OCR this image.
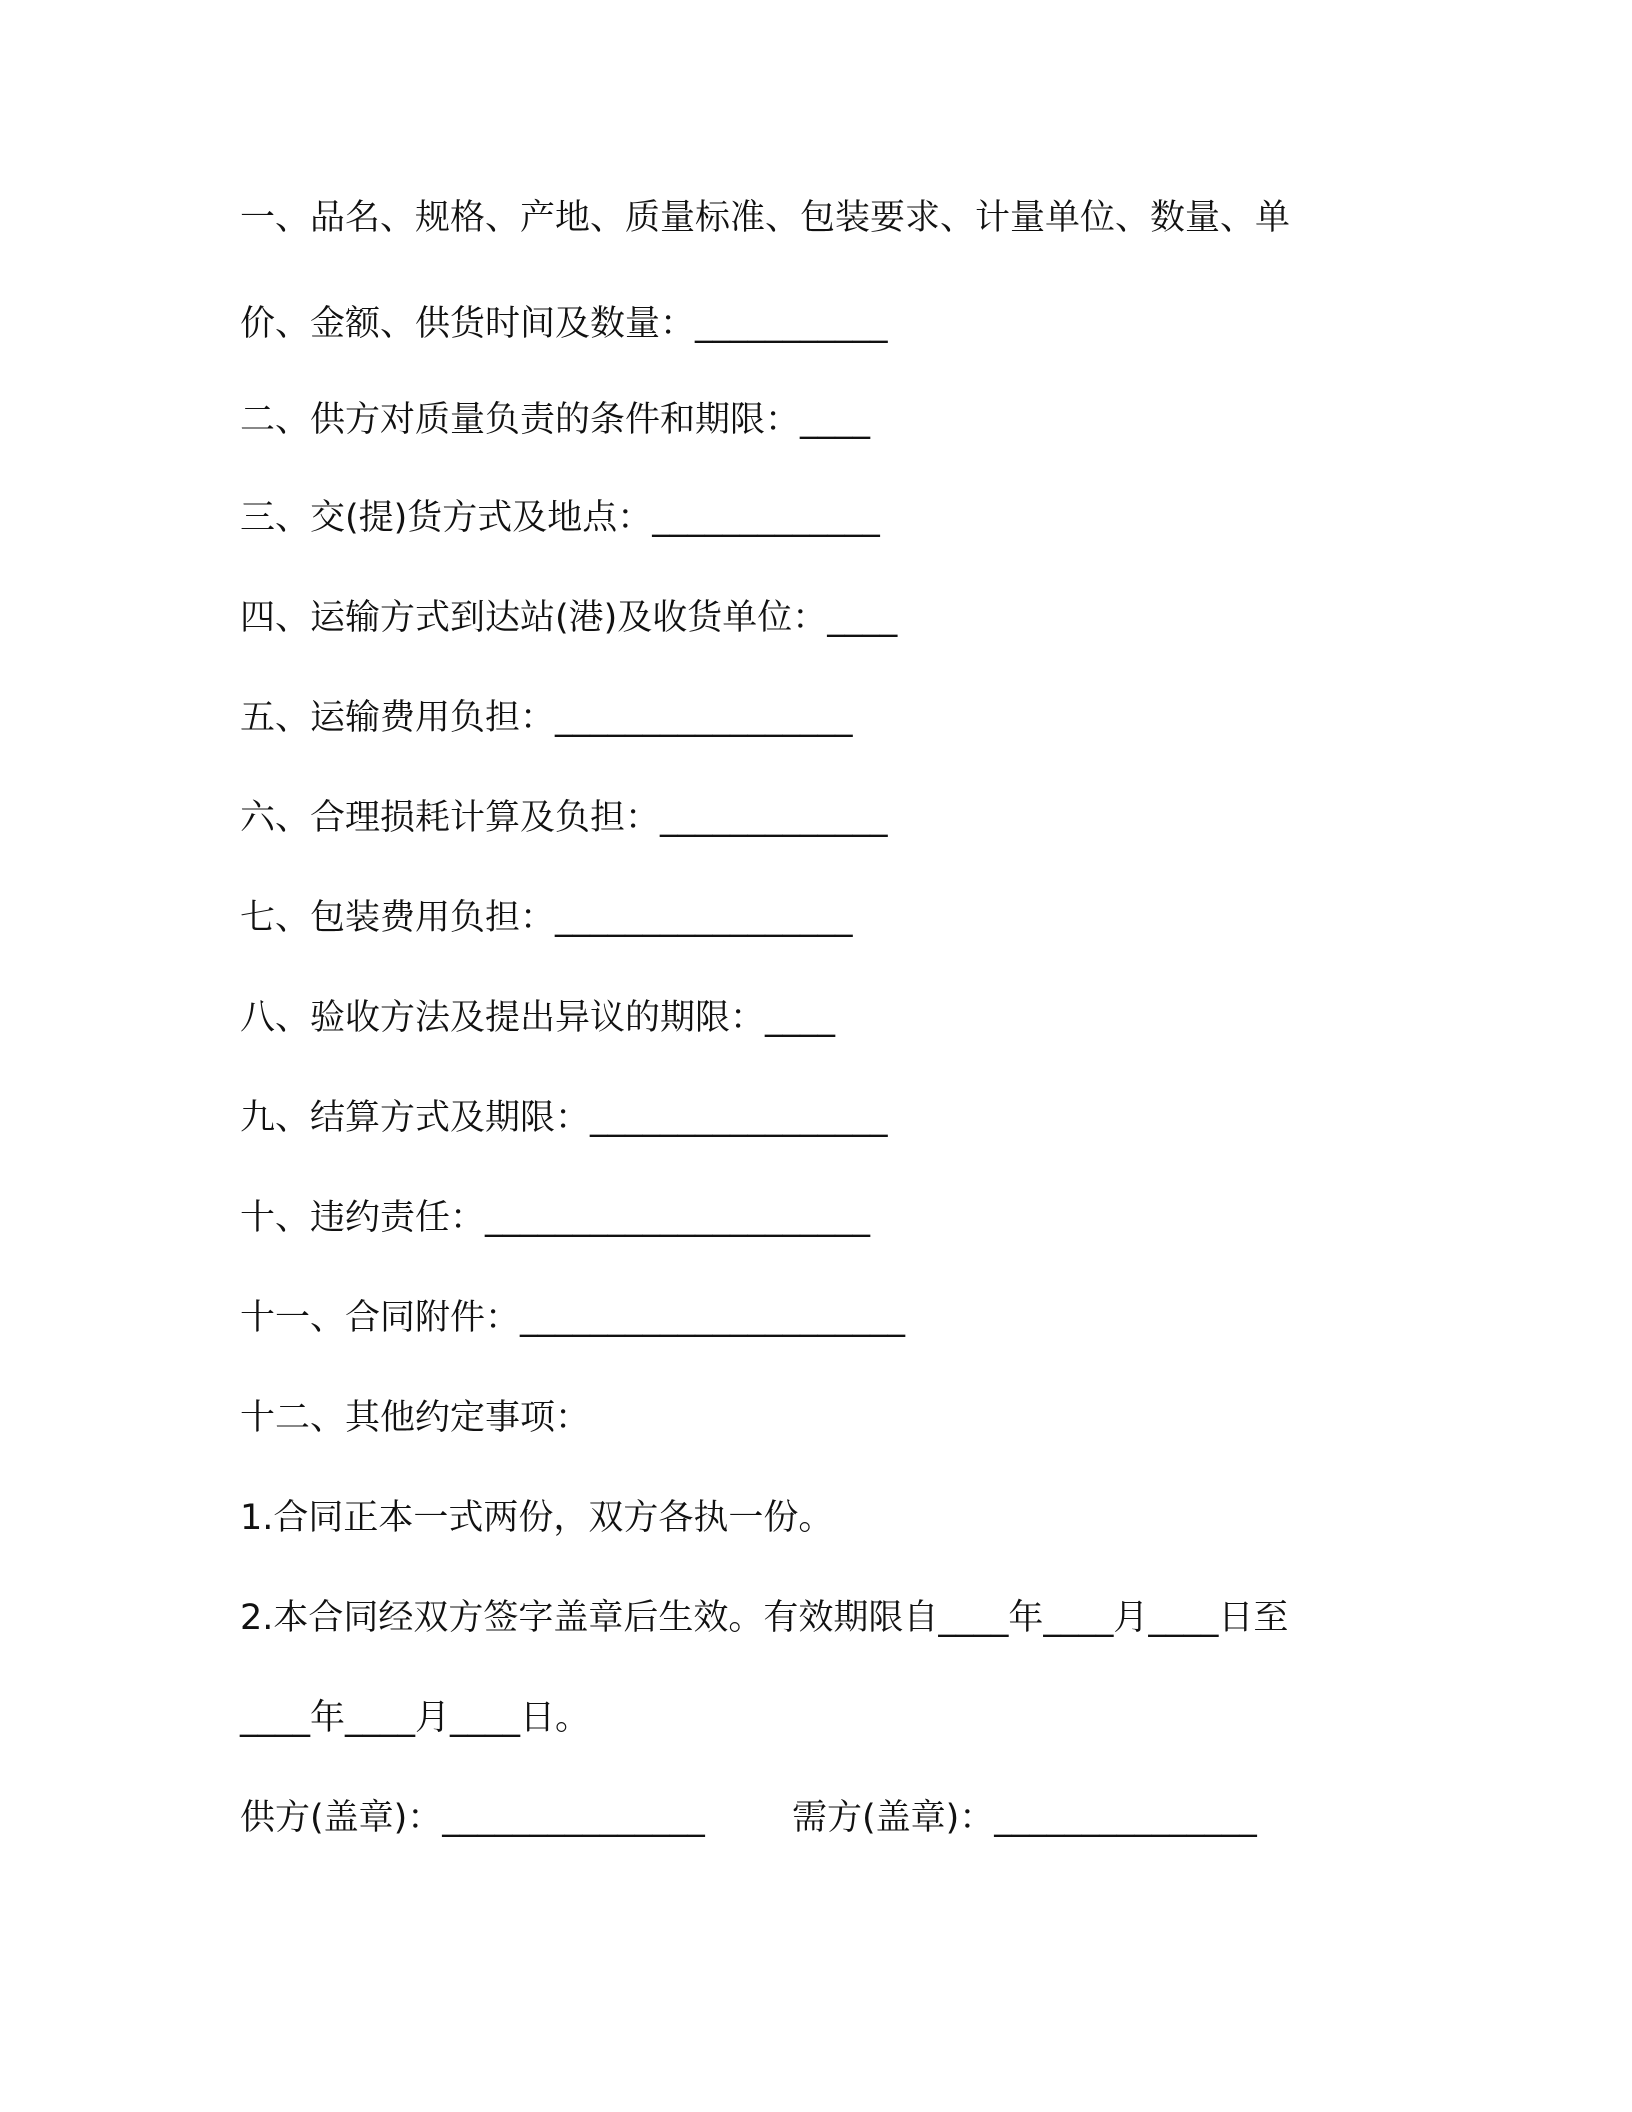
一、品名、规格、产地、质量标准、包装要求、计量单位、数量、单
价、金额、供货时间及数量：___________
二、供方对质量负责的条件和期限：____
三、交(提)货方式及地点：_____________
四、运输方式到达站(港)及收货单位：____
五、运输费用负担：_________________
六、合理损耗计算及负担：_____________
七、包装费用负担：_________________
八、验收方法及提出异议的期限：____
九、结算方式及期限：_________________
十、违约责任：______________________
十一、合同附件：______________________
十二、其他约定事项：
1.合同正本一式两份，双方各执一份。
2.本合同经双方签字盖章后生效。有效期限自____年____月____日至
____年____月____日。
供方(盖章)：_______________ 需方(盖章)：_______________
